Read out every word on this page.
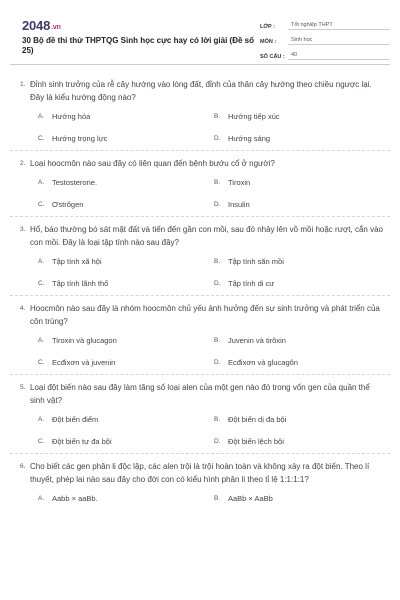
2048.vn
30 Bộ đề thi thử THPTQG Sinh học cực hay có lời giải (Đề số 25)
LỚP :	Tốt nghiệp THPT
MÔN :	Sinh học
SỐ CÂU :	40
1. Đỉnh sinh trưởng của rễ cây hướng vào lòng đất, đỉnh của thân cây hướng theo chiều ngược lại. Đây là kiểu hướng động nào?
A.	Hướng hóa	B.	Hướng tiếp xúc
C.	Hướng trọng lực	D.	Hướng sáng
2. Loại hoocmôn nào sau đây có liên quan đến bệnh bướu cổ ở người?
A.	Testosterone.	B.	Tiroxin
C.	Ơstrôgen	D.	Insulin
3. Hổ, báo thường bò sát mặt đất và tiến đến gần con mồi, sau đó nhảy lên vồ mồi hoặc rượt, cắn vào con mồi. Đây là loại tập tính nào sau đây?
A.	Tập tính xã hội	B.	Tập tính săn mồi
C.	Tập tính lãnh thổ	D.	Tập tính di cư
4. Hoocmôn nào sau đây là nhóm hoocmôn chủ yếu ảnh hưởng đến sự sinh trưởng và phát triển của côn trùng?
A.	Tiroxin và glucagon	B.	Juvenin và tirôxin
C.	Ecđixơn và juvenin	D.	Ecđixơn và glucagôn
5. Loại đột biến nào sau đây làm tăng số loại alen của một gen nào đó trong vốn gen của quần thể sinh vật?
A.	Đột biến điểm	B.	Đột biến dị đa bội
C.	Đột biến tự đa bội	D.	Đột biến lệch bội
6. Cho biết các gen phân li độc lập, các alen trội là trội hoàn toàn và không xảy ra đột biến. Theo lí thuyết, phép lai nào sau đây cho đời con có kiểu hình phân li theo tỉ lệ 1:1:1:1?
A.	Aabb × aaBb.	B.	AaBb × AaBb
